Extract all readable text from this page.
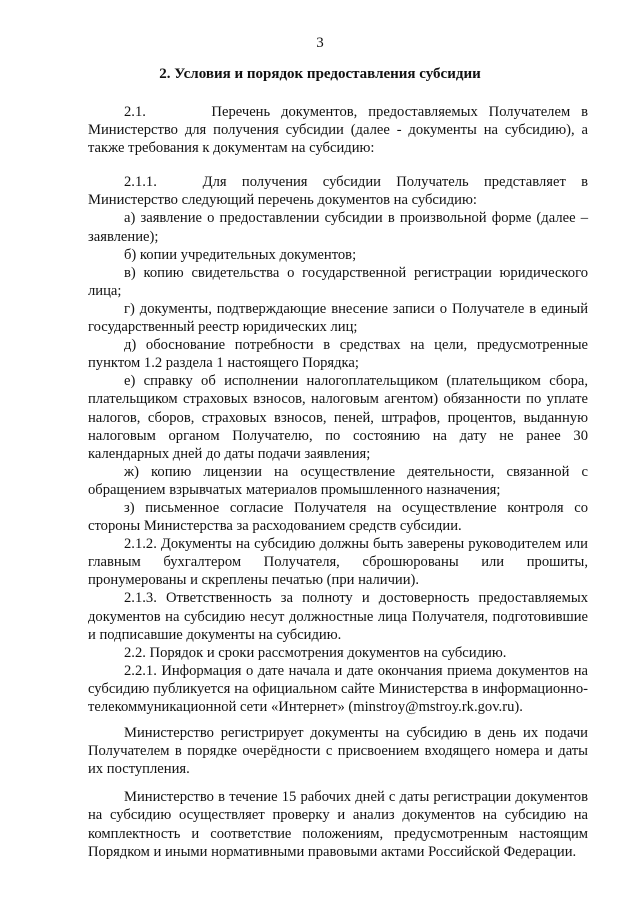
3
2. Условия и порядок предоставления субсидии

2.1.      Перечень документов, предоставляемых Получателем в Министерство для получения субсидии (далее - документы на субсидию), а также требования к документам на субсидию:

2.1.1.   Для получения субсидии Получатель представляет в Министерство следующий перечень документов на субсидию:

а) заявление о предоставлении субсидии в произвольной форме (далее – заявление);

б) копии учредительных документов;

в) копию свидетельства о государственной регистрации юридического лица;

г) документы, подтверждающие внесение записи о Получателе в единый государственный реестр юридических лиц;

д) обоснование потребности в средствах на цели, предусмотренные пунктом 1.2 раздела 1 настоящего Порядка;

е) справку об исполнении налогоплательщиком (плательщиком сбора, плательщиком страховых взносов, налоговым агентом) обязанности по уплате налогов, сборов, страховых взносов, пеней, штрафов, процентов, выданную налоговым органом Получателю, по состоянию на дату не ранее 30 календарных дней до даты подачи заявления;

ж) копию лицензии на осуществление деятельности, связанной с обращением взрывчатых материалов промышленного назначения;

з) письменное согласие Получателя на осуществление контроля со стороны Министерства за расходованием средств субсидии.

2.1.2. Документы на субсидию должны быть заверены руководителем или главным бухгалтером Получателя, сброшюрованы или прошиты, пронумерованы и скреплены печатью (при наличии).

2.1.3. Ответственность за полноту и достоверность предоставляемых документов на субсидию несут должностные лица Получателя, подготовившие и подписавшие документы на субсидию.

2.2. Порядок и сроки рассмотрения документов на субсидию.

2.2.1. Информация о дате начала и дате окончания приема документов на субсидию публикуется на официальном сайте Министерства в информационно-телекоммуникационной сети «Интернет» (minstroy@mstroy.rk.gov.ru).

Министерство регистрирует документы на субсидию в день их подачи Получателем в порядке очерёдности с присвоением входящего номера и даты их поступления.

Министерство в течение 15 рабочих дней с даты регистрации документов на субсидию осуществляет проверку и анализ документов на субсидию на комплектность и соответствие положениям, предусмотренным настоящим Порядком и иными нормативными правовыми актами Российской Федерации.
